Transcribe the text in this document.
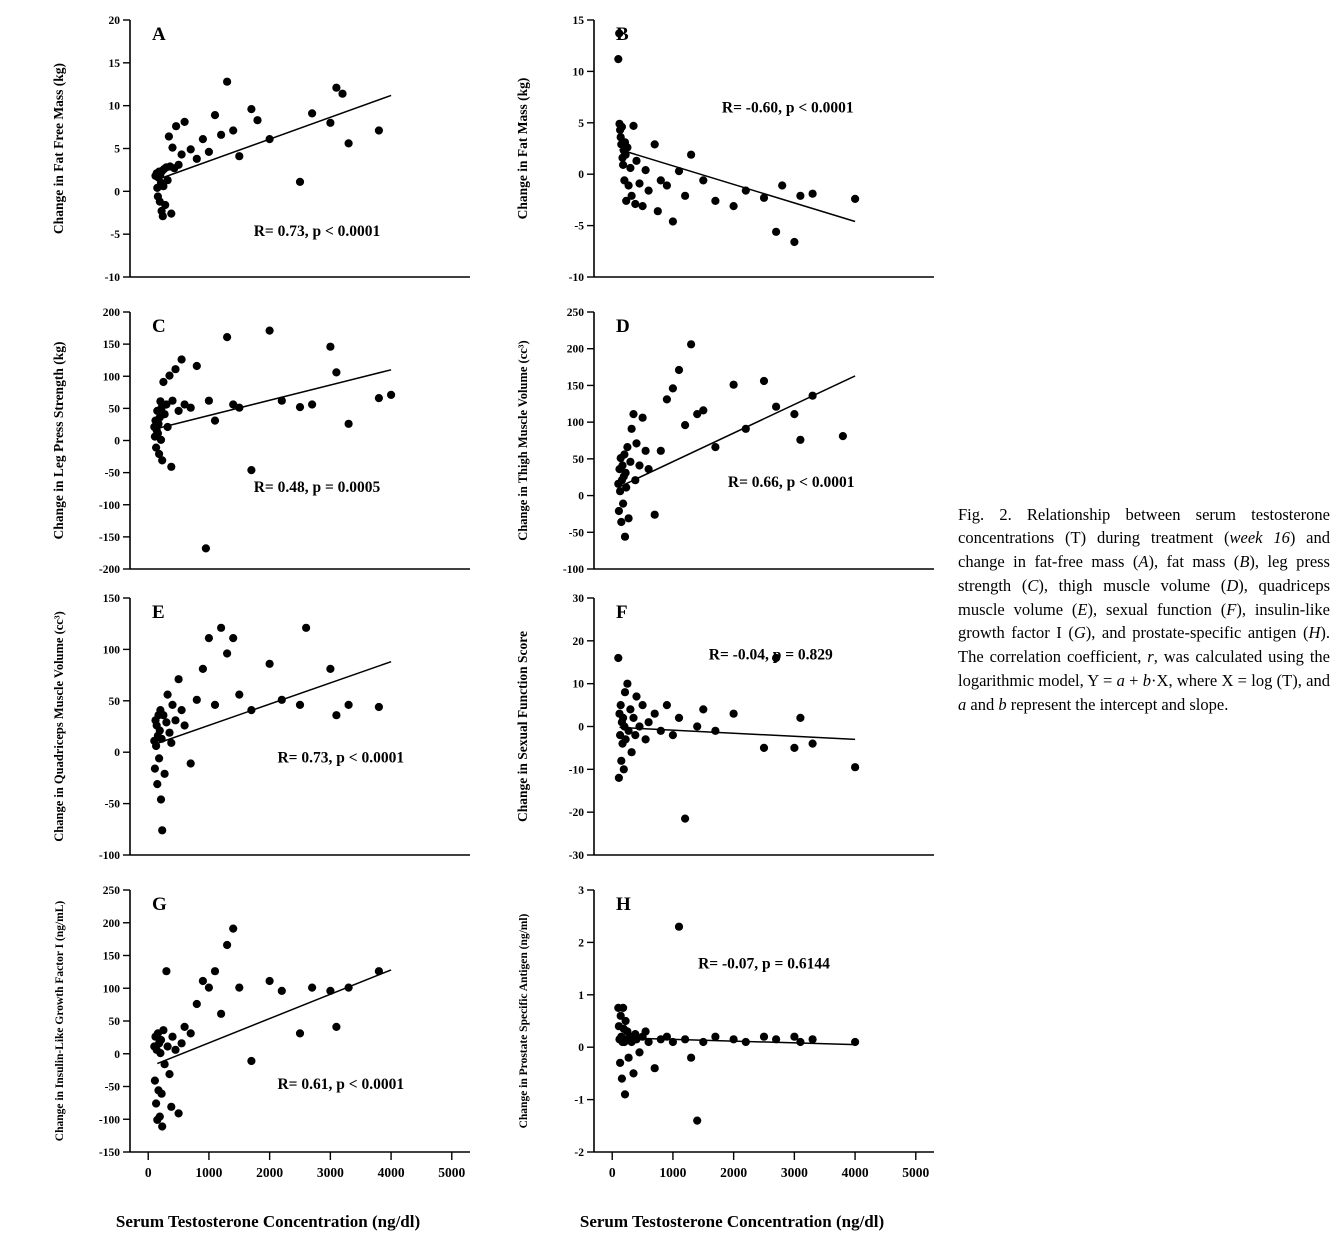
Change in Fat Free Mass (kg)
-10
-5
0
5
10
15
20
A
R= 0.73, p < 0.0001
Change in Fat Mass (kg)
-10
-5
0
5
10
15
B
R= -0.60, p < 0.0001
Change in Leg Press Strength (kg)
-200
-150
-100
-50
0
50
100
150
200
C
R= 0.48, p = 0.0005	Change in Thigh Muscle Volume (cc³)
-100
-50
0
50
100
150
200
250
D
R= 0.66, p < 0.0001
Change in Quadriceps Muscle Volume (cc³)
-100
-50
0
50
100
150
E
R= 0.73, p < 0.0001	Change in Sexual Function Score
-30
-20
-10
0
10
20
30
F
R= -0.04, p = 0.829
Change in Insulin-Like Growth Factor I (ng/mL)
-150
-100
-50
0
50
100
150
200
250
0	1000 2000 3000 4000 5000
G
R= 0.61, p < 0.0001	Change in Prostate Specific Antigen (ng/ml)
-2
-1
0
1
2
3
0	1000 2000 3000 4000 5000
H
R= -0.07, p = 0.6144
Serum Testosterone Concentration (ng/dl)	Serum Testosterone Concentration (ng/dl)

Fig. 2. Relationship between serum testosterone concentrations (T) during treatment (week 16) and change in fat-free mass (A), fat mass (B), leg press strength (C), thigh muscle volume (D), quadriceps muscle volume (E), sexual function (F), insulin-like growth factor I (G), and prostate-specific antigen (H). The correlation coefficient, r, was calculated using the logarithmic model, Y = a + b·X, where X = log (T), and a and b represent the intercept and slope.
